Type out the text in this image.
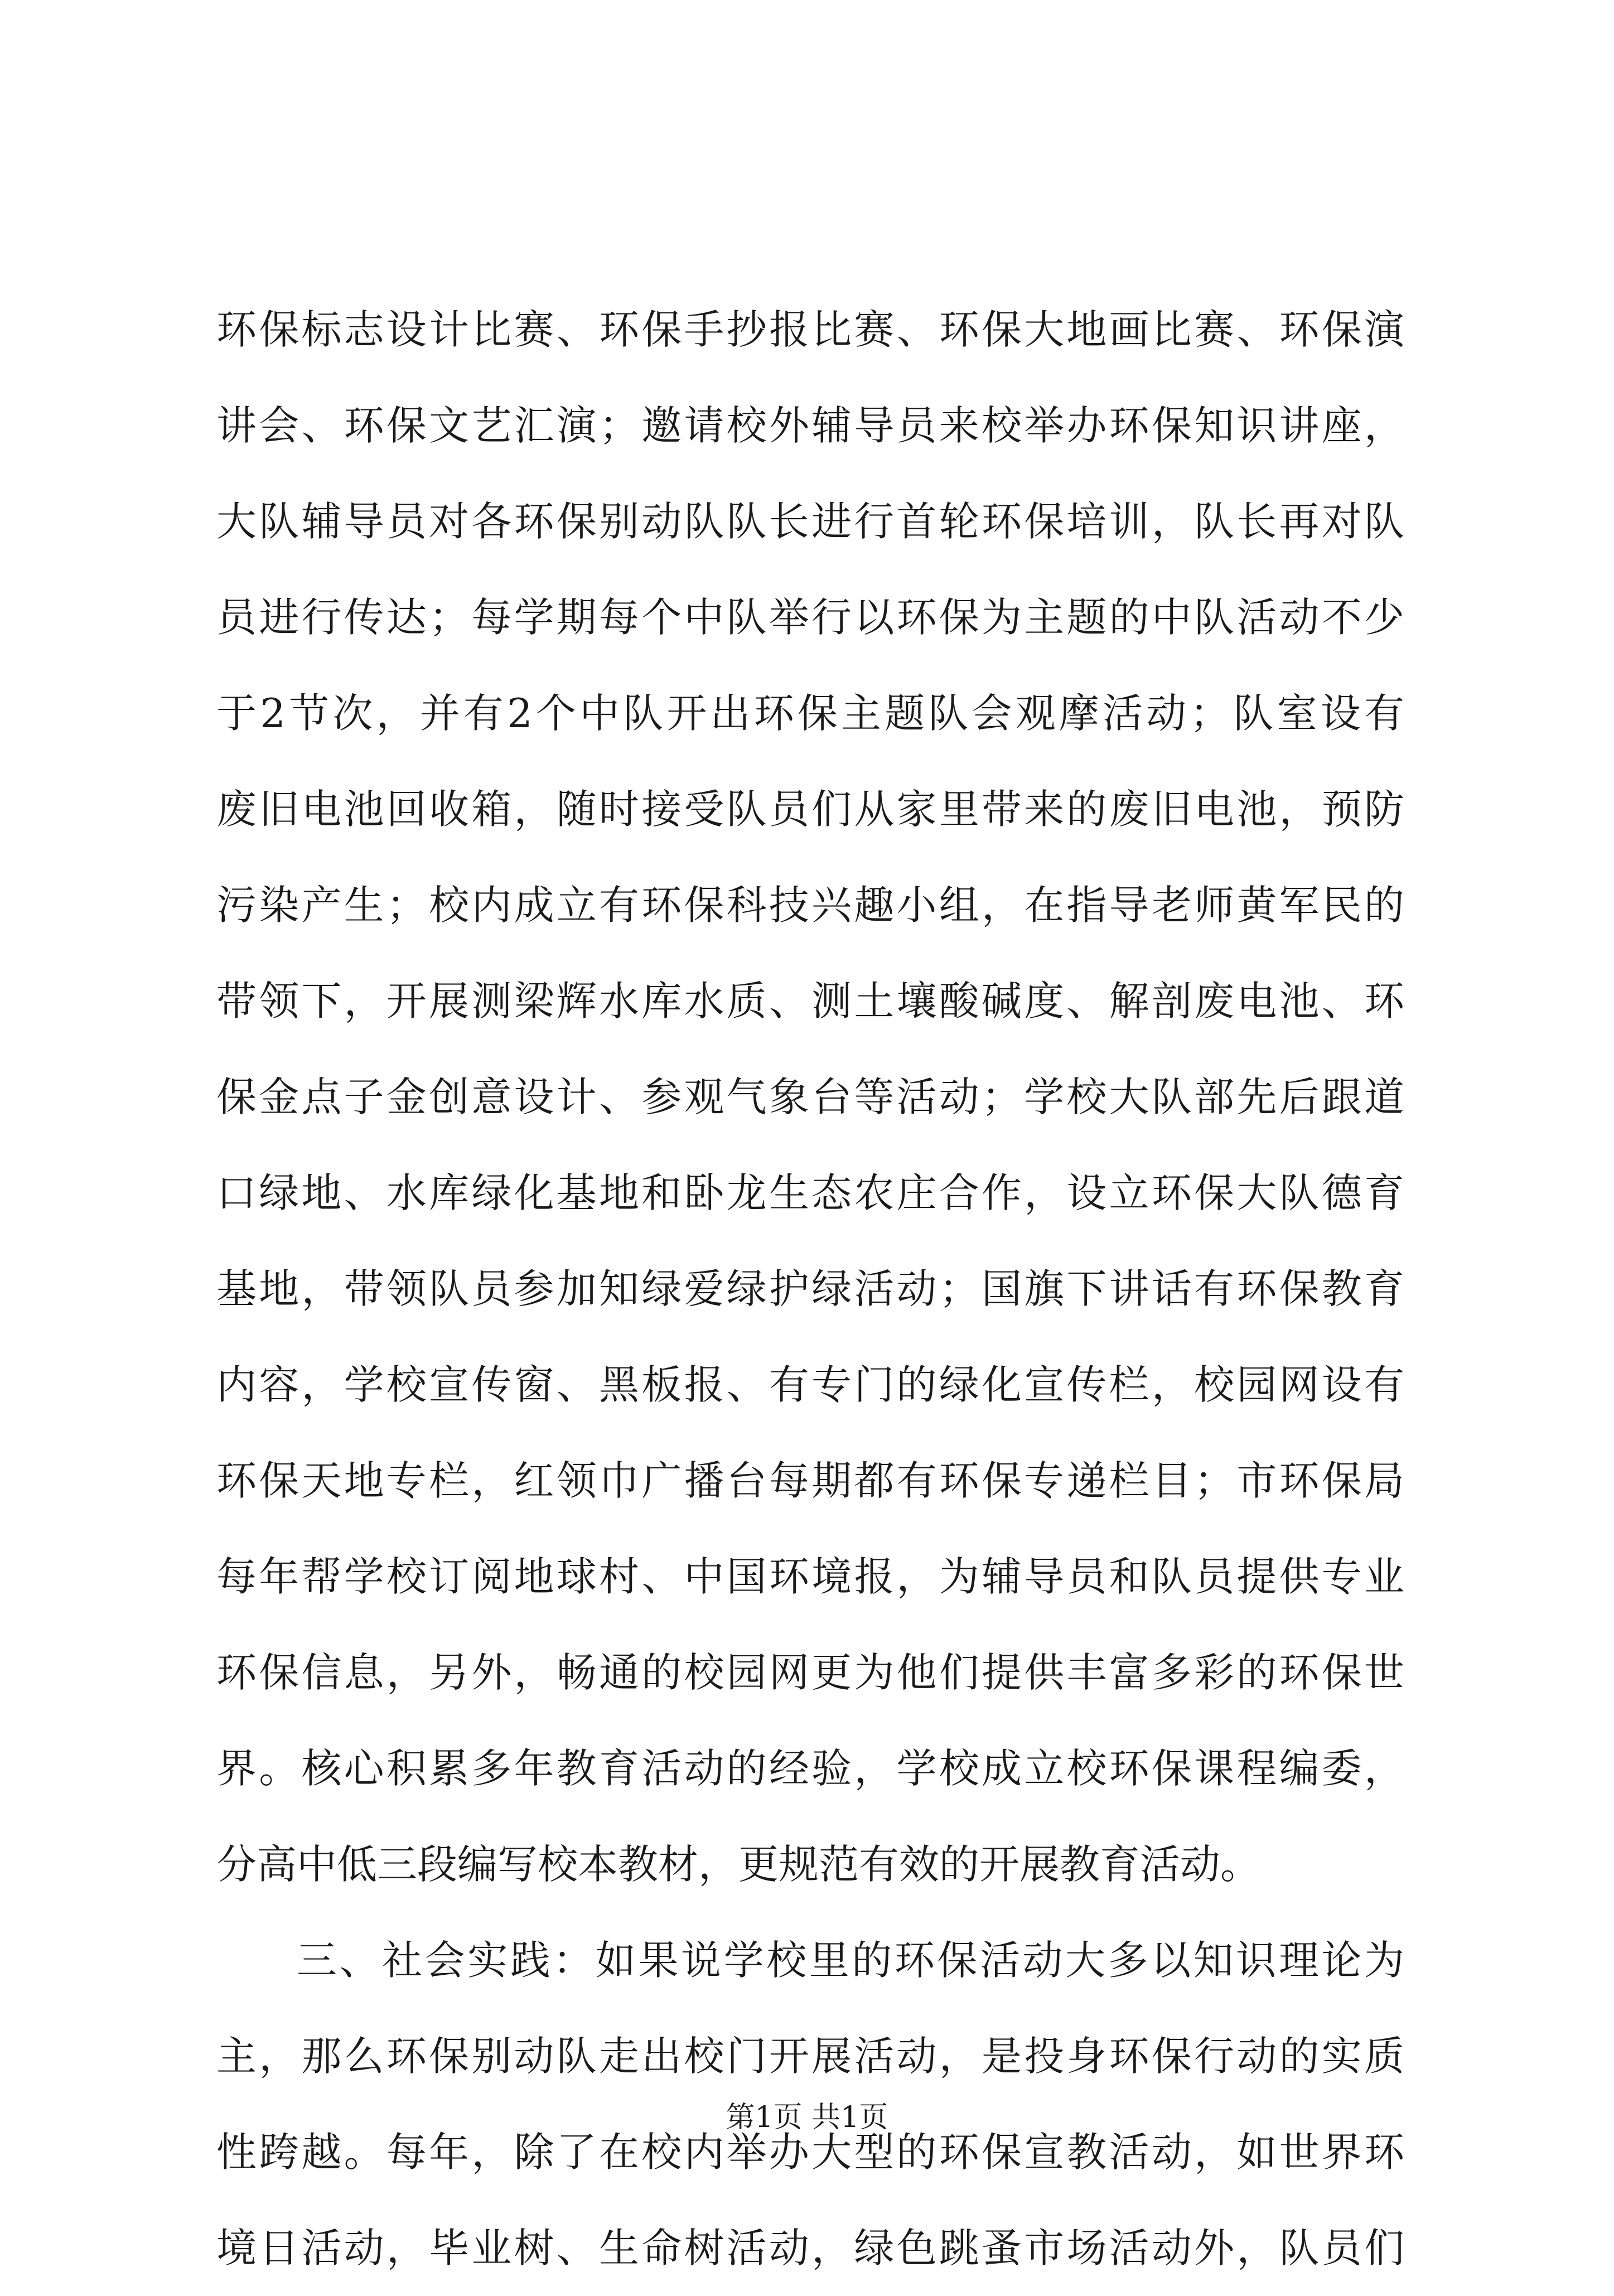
环保标志设计比赛、环保手抄报比赛、环保大地画比赛、环保演
讲会、环保文艺汇演；邀请校外辅导员来校举办环保知识讲座，
大队辅导员对各环保别动队队长进行首轮环保培训，队长再对队
员进行传达；每学期每个中队举行以环保为主题的中队活动不少
于2节次，并有2个中队开出环保主题队会观摩活动；队室设有
废旧电池回收箱，随时接受队员们从家里带来的废旧电池，预防
污染产生；校内成立有环保科技兴趣小组，在指导老师黄军民的
带领下，开展测梁辉水库水质、测土壤酸碱度、解剖废电池、环
保金点子金创意设计、参观气象台等活动；学校大队部先后跟道
口绿地、水库绿化基地和卧龙生态农庄合作，设立环保大队德育
基地，带领队员参加知绿爱绿护绿活动；国旗下讲话有环保教育
内容，学校宣传窗、黑板报、有专门的绿化宣传栏，校园网设有
环保天地专栏，红领巾广播台每期都有环保专递栏目；市环保局
每年帮学校订阅地球村、中国环境报，为辅导员和队员提供专业
环保信息，另外，畅通的校园网更为他们提供丰富多彩的环保世
界。核心积累多年教育活动的经验，学校成立校环保课程编委，
分高中低三段编写校本教材，更规范有效的开展教育活动。
三、社会实践：如果说学校里的环保活动大多以知识理论为
主，那么环保别动队走出校门开展活动，是投身环保行动的实质
性跨越。每年，除了在校内举办大型的环保宣教活动，如世界环
境日活动，毕业树、生命树活动，绿色跳蚤市场活动外，队员们
第1页 共1页
